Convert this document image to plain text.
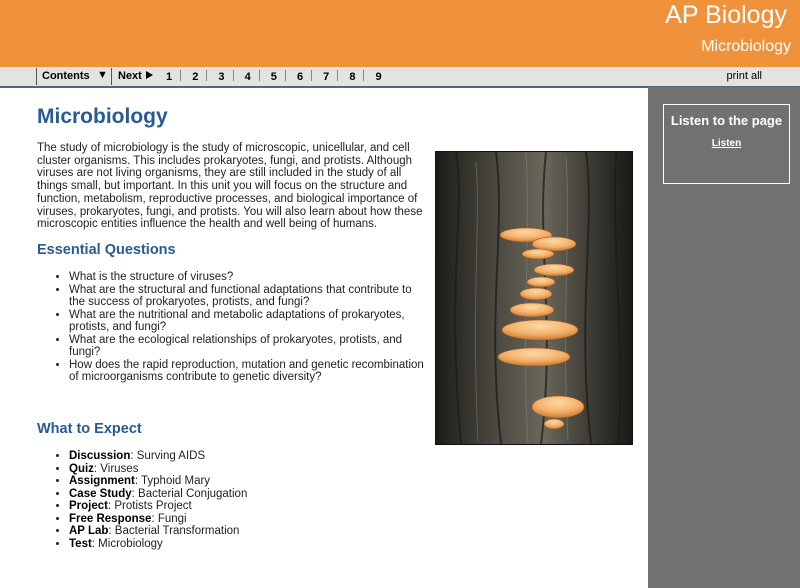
AP Biology
Microbiology
Contents ▼ Next	1 2 3 4 5 6 7 8 9	print all
Microbiology

The study of microbiology is the study of microscopic, unicellular, and cell cluster organisms. This includes prokaryotes, fungi, and protists. Although viruses are not living organisms, they are still included in the study of all things small, but important. In this unit you will focus on the structure and function, metabolism, reproductive processes, and biological importance of viruses, prokaryotes, fungi, and protists. You will also learn about how these microscopic entities influence the health and well being of humans.

Essential Questions
• What is the structure of viruses?
• What are the structural and functional adaptations that contribute to the success of prokaryotes, protists, and fungi?
• What are the nutritional and metabolic adaptations of prokaryotes, protists, and fungi?
• What are the ecological relationships of prokaryotes, protists, and fungi?
• How does the rapid reproduction, mutation and genetic recombination of microorganisms contribute to genetic diversity?
What to Expect
• Discussion: Surving AIDS
• Quiz: Viruses
• Assignment: Typhoid Mary
• Case Study: Bacterial Conjugation
• Project: Protists Project
• Free Response: Fungi
• AP Lab: Bacterial Transformation
• Test: Microbiology
Listen to the page
Listen
